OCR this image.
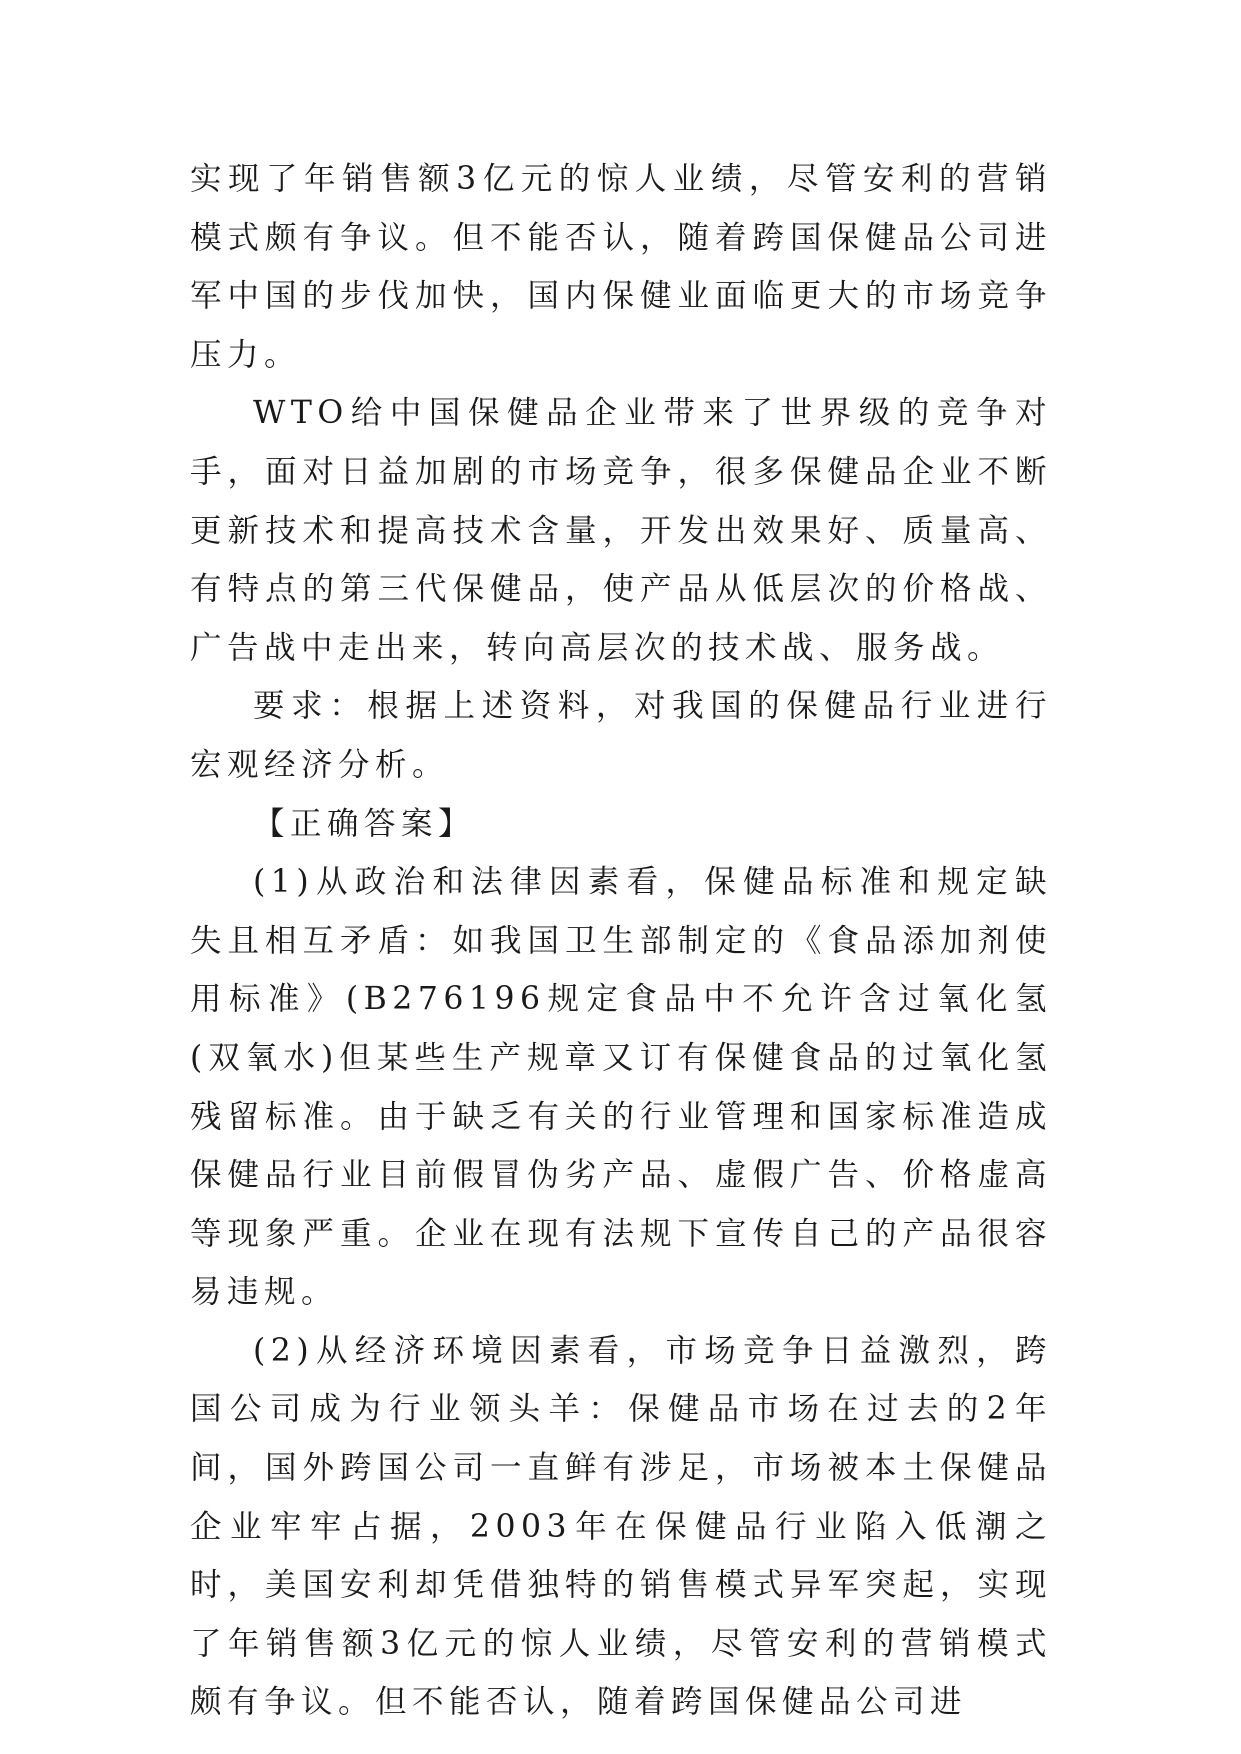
实现了年销售额3亿元的惊人业绩，尽管安利的营销模式颇有争议。但不能否认，随着跨国保健品公司进军中国的步伐加快，国内保健业面临更大的市场竞争压力。

WTO给中国保健品企业带来了世界级的竞争对手，面对日益加剧的市场竞争，很多保健品企业不断更新技术和提高技术含量，开发出效果好、质量高、有特点的第三代保健品，使产品从低层次的价格战、广告战中走出来，转向高层次的技术战、服务战。

要求：根据上述资料，对我国的保健品行业进行宏观经济分析。

【正确答案】

(1)从政治和法律因素看，保健品标准和规定缺失且相互矛盾：如我国卫生部制定的《食品添加剂使用标准》(B276196规定食品中不允许含过氧化氢(双氧水)但某些生产规章又订有保健食品的过氧化氢残留标准。由于缺乏有关的行业管理和国家标准造成保健品行业目前假冒伪劣产品、虚假广告、价格虚高等现象严重。企业在现有法规下宣传自己的产品很容易违规。

(2)从经济环境因素看，市场竞争日益激烈，跨国公司成为行业领头羊：保健品市场在过去的2年间，国外跨国公司一直鲜有涉足，市场被本土保健品企业牢牢占据，2003年在保健品行业陷入低潮之时，美国安利却凭借独特的销售模式异军突起，实现了年销售额3亿元的惊人业绩，尽管安利的营销模式颇有争议。但不能否认，随着跨国保健品公司进
